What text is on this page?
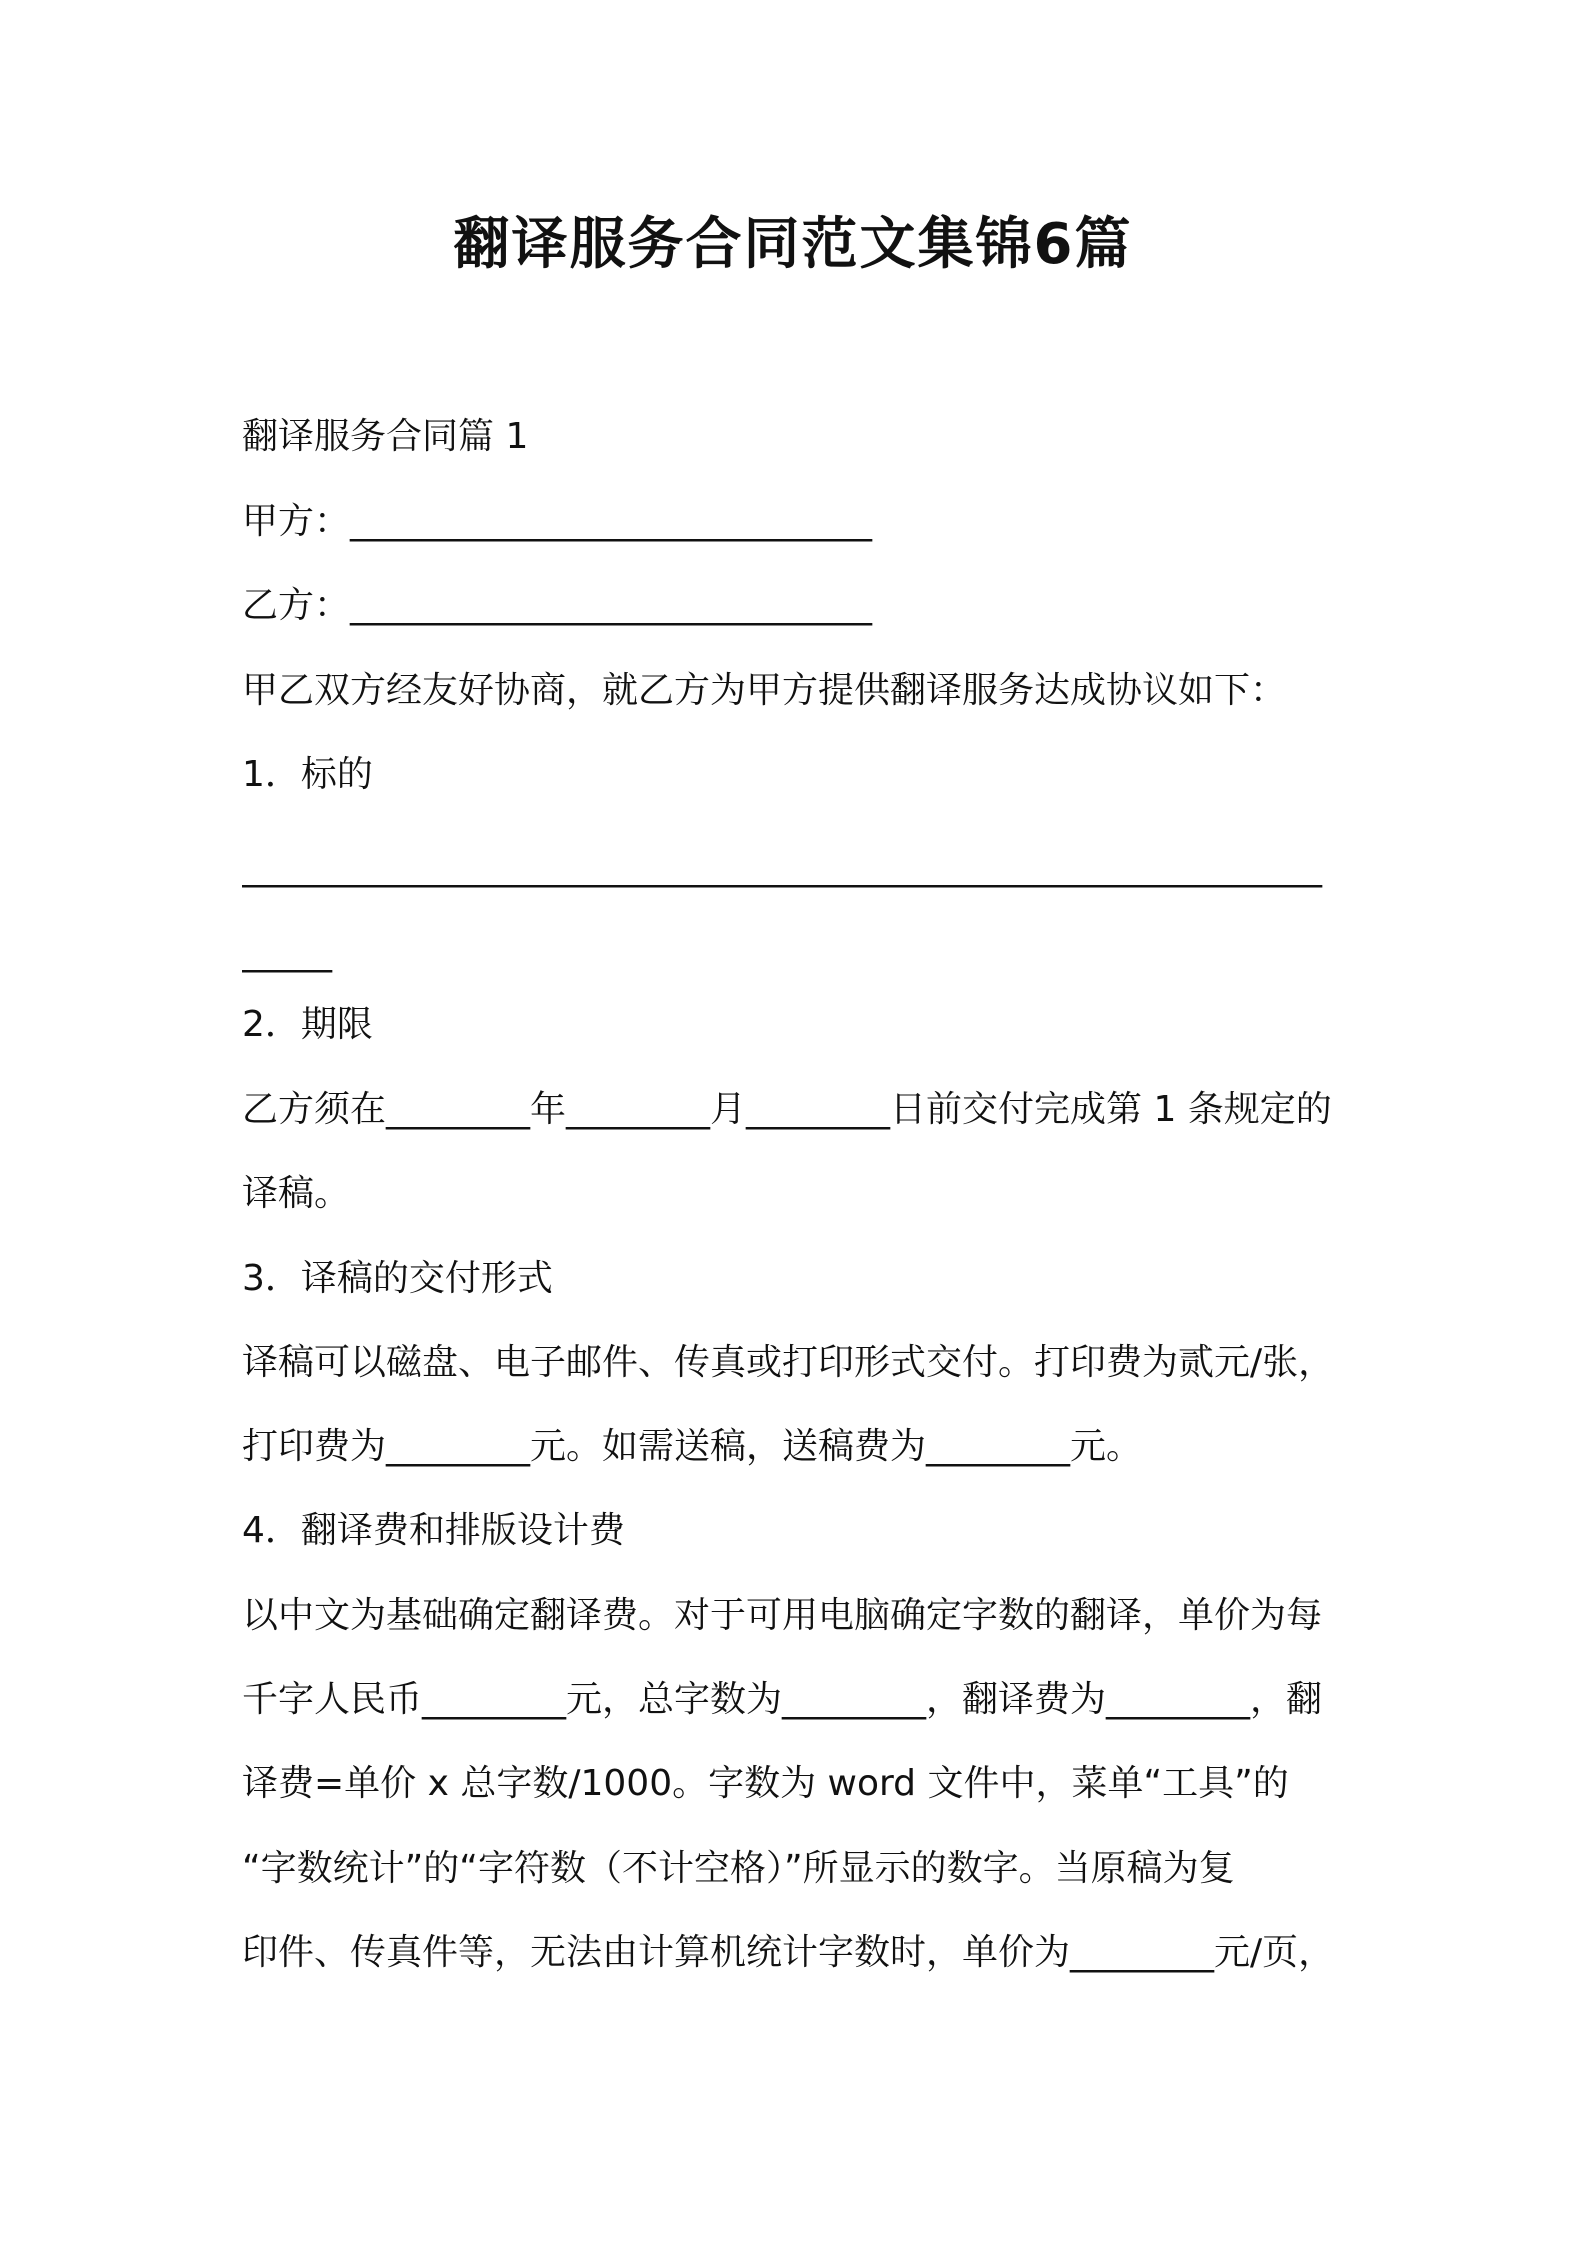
翻译服务合同范文集锦6篇

翻译服务合同篇 1

甲方：_____________________________

乙方：_____________________________

甲乙双方经友好协商，就乙方为甲方提供翻译服务达成协议如下：

1．标的

____________________________________________________________

_____

2．期限

乙方须在________年________月________日前交付完成第 1 条规定的

译稿。

3．译稿的交付形式

译稿可以磁盘、电子邮件、传真或打印形式交付。打印费为贰元/张，

打印费为________元。如需送稿，送稿费为________元。

4．翻译费和排版设计费

以中文为基础确定翻译费。对于可用电脑确定字数的翻译，单价为每

千字人民币________元，总字数为________，翻译费为________，翻

译费=单价 x 总字数/1000。字数为 word 文件中，菜单“工具”的

“字数统计”的“字符数（不计空格）”所显示的数字。当原稿为复

印件、传真件等，无法由计算机统计字数时，单价为________元/页，
